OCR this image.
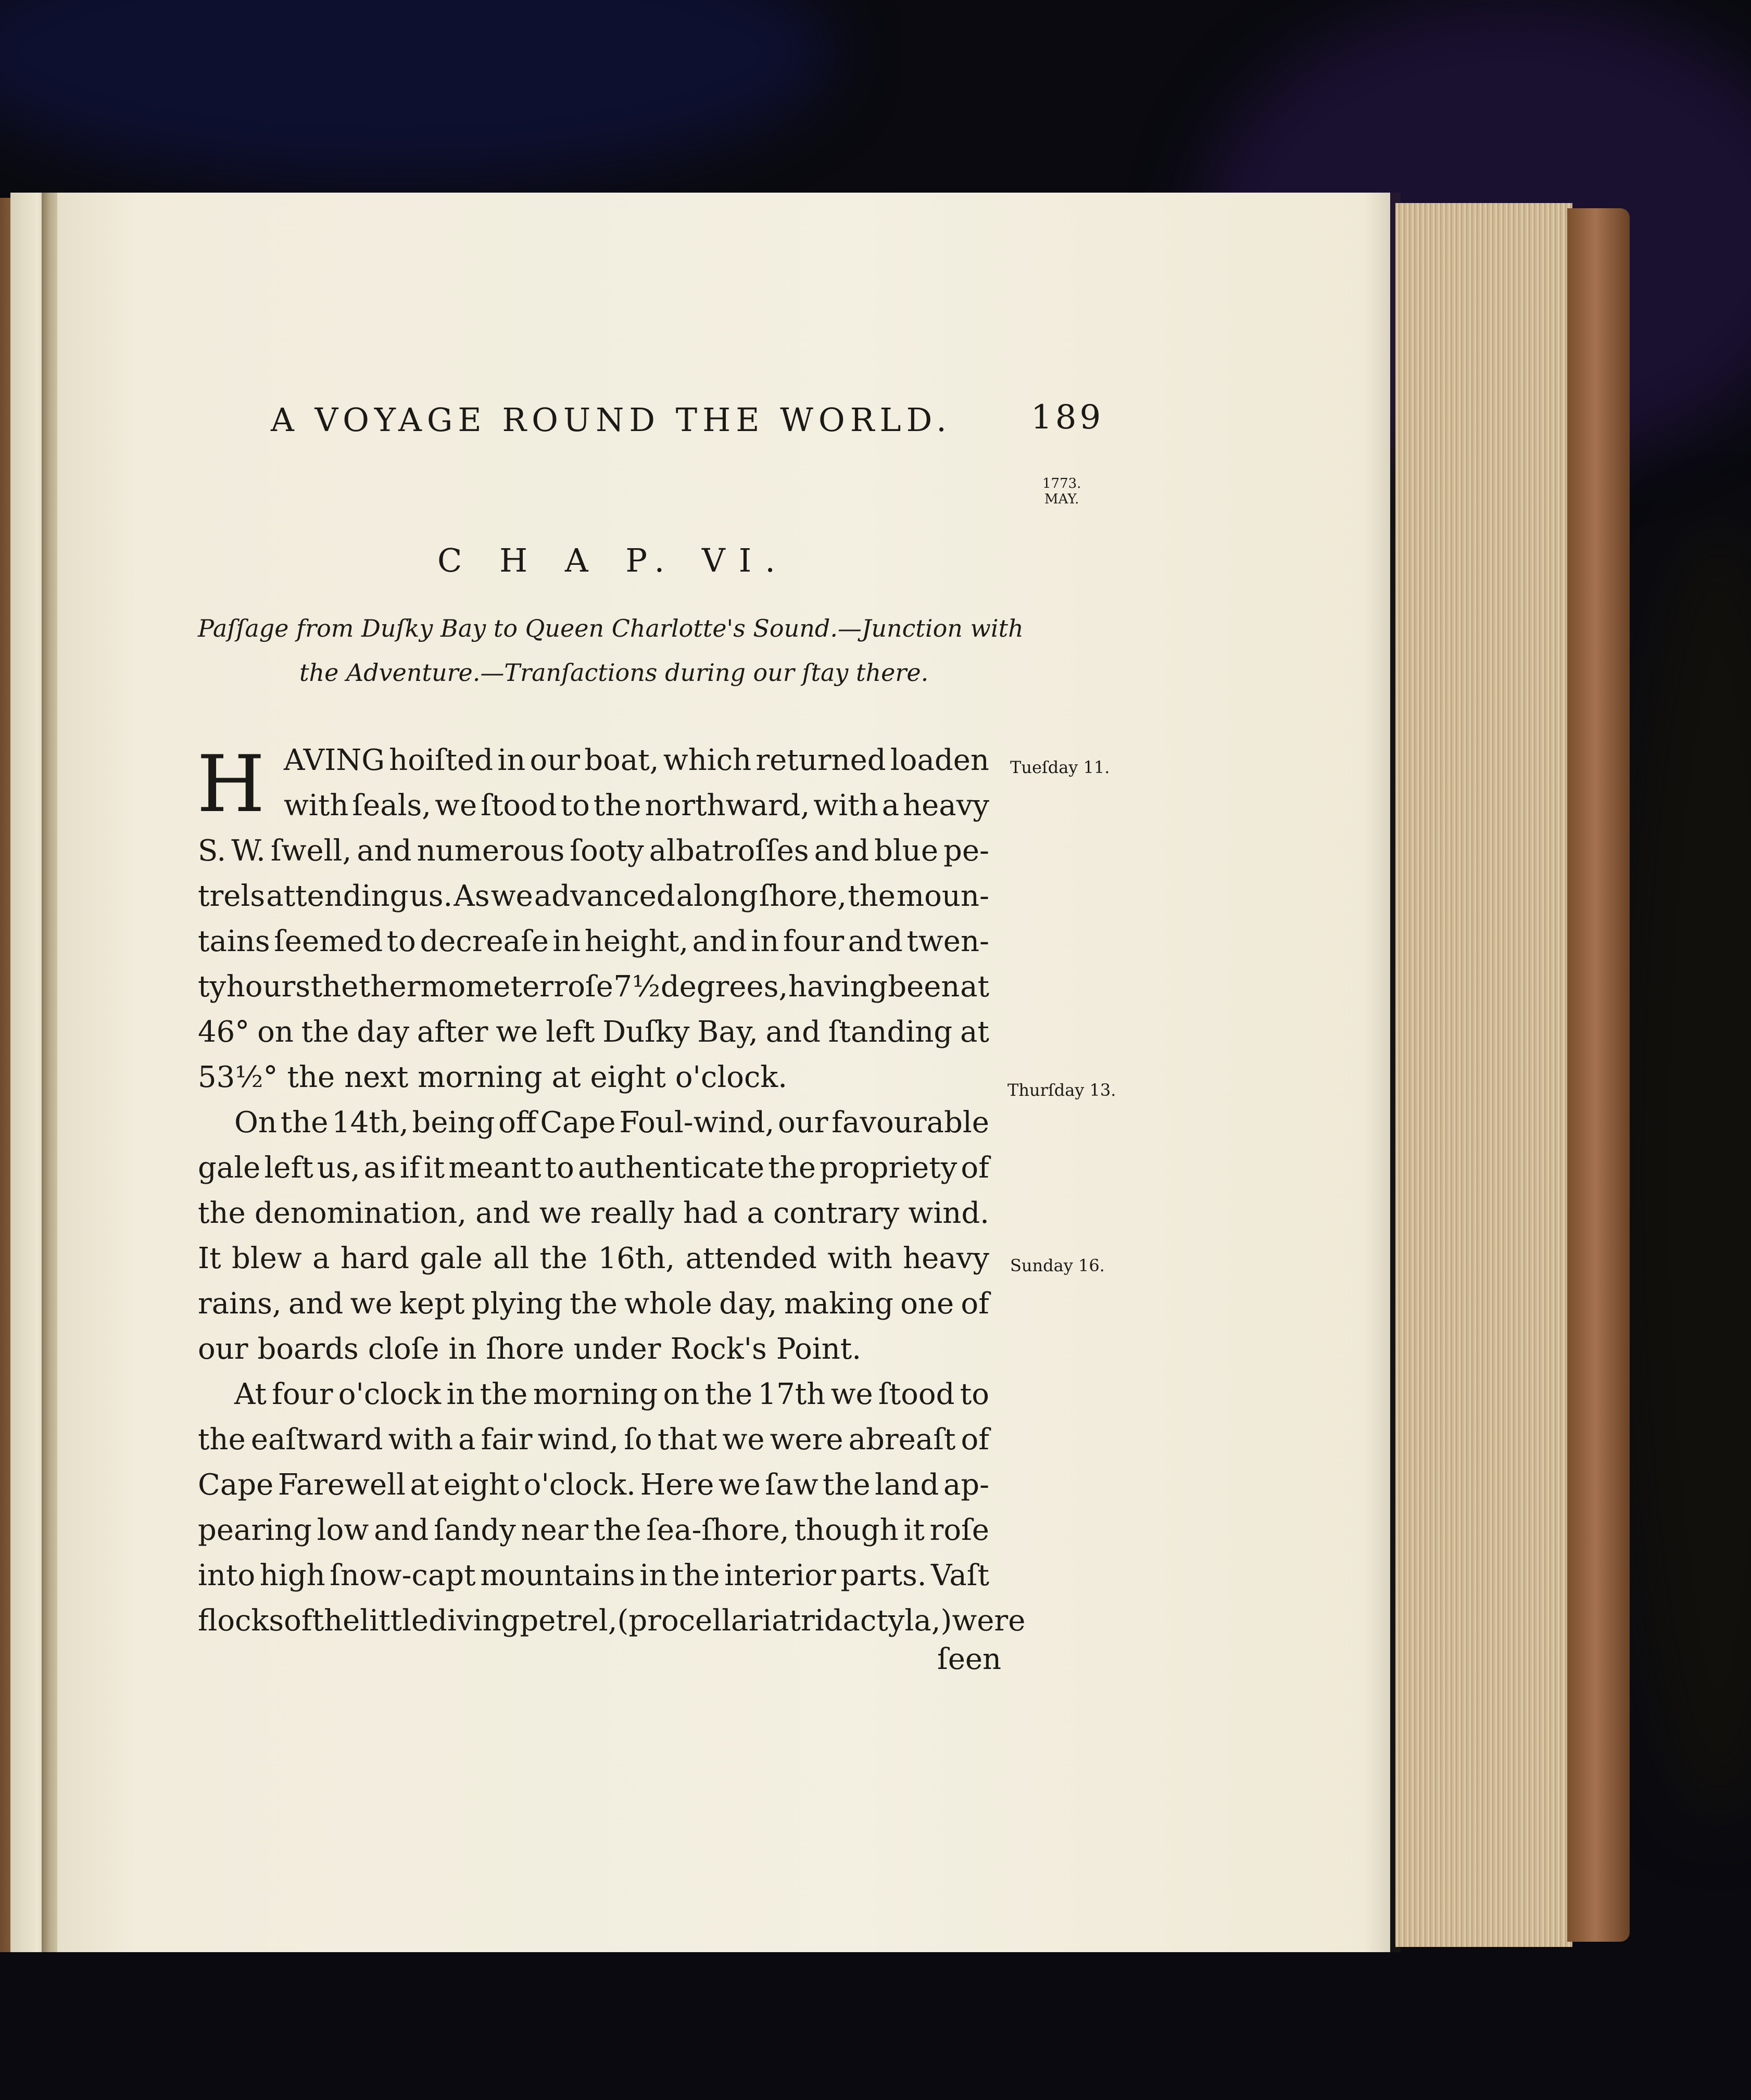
A VOYAGE ROUND THE WORLD. 189
1773.
MAY.
C H A P. VI.
Paſſage from Duſky Bay to Queen Charlotte's Sound.—Junction with
the Adventure.—Tranſactions during our ſtay there.
H AVING hoiſted in our boat, which returned loaden
with ſeals, we ſtood to the northward, with a heavy
S. W. ſwell, and numerous ſooty albatroſſes and blue pe-
trels attending us. As we advanced along ſhore, the moun-
tains ſeemed to decreaſe in height, and in four and twen-
ty hours the thermometer roſe 7½ degrees, having been at
46° on the day after we left Duſky Bay, and ſtanding at
53½° the next morning at eight o'clock.
On the 14th, being off Cape Foul-wind, our favourable
gale left us, as if it meant to authenticate the propriety of
the denomination, and we really had a contrary wind.
It blew a hard gale all the 16th, attended with heavy
rains, and we kept plying the whole day, making one of
our boards cloſe in ſhore under Rock's Point.
At four o'clock in the morning on the 17th we ſtood to
the eaſtward with a fair wind, ſo that we were abreaſt of
Cape Farewell at eight o'clock. Here we ſaw the land ap-
pearing low and ſandy near the ſea-ſhore, though it roſe
into high ſnow-capt mountains in the interior parts. Vaſt
flocks of the little diving petrel, (procellaria tridactyla,) were
ſeen
Tueſday 11.
Thurſday 13.
Sunday 16.
